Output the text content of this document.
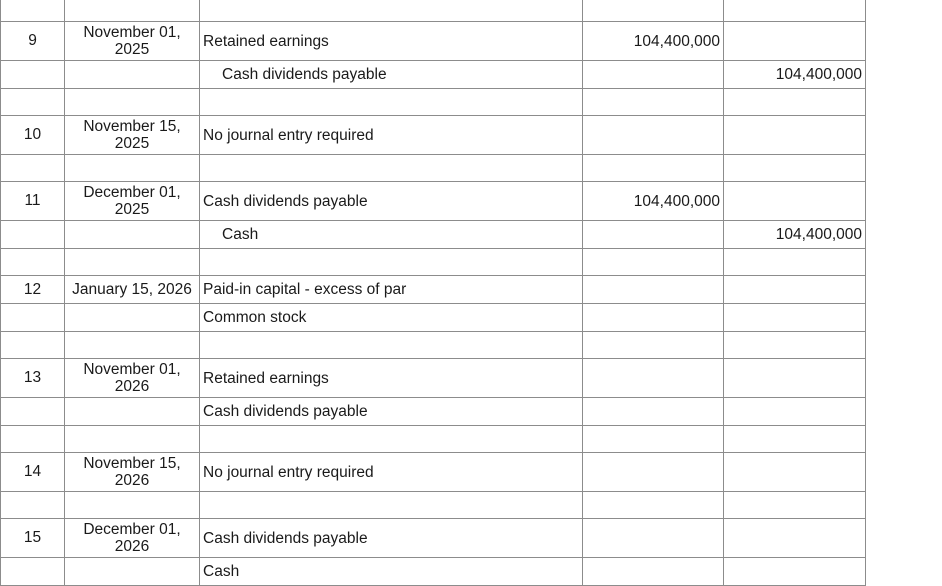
9	November 01, 2025	Retained earnings	104,400,000	
		Cash dividends payable		104,400,000

10	November 15, 2025	No journal entry required		

11	December 01, 2025	Cash dividends payable	104,400,000	
		Cash		104,400,000

12	January 15, 2026	Paid-in capital - excess of par		
		Common stock		

13	November 01, 2026	Retained earnings		
		Cash dividends payable		

14	November 15, 2026	No journal entry required		

15	December 01, 2026	Cash dividends payable		
		Cash		
